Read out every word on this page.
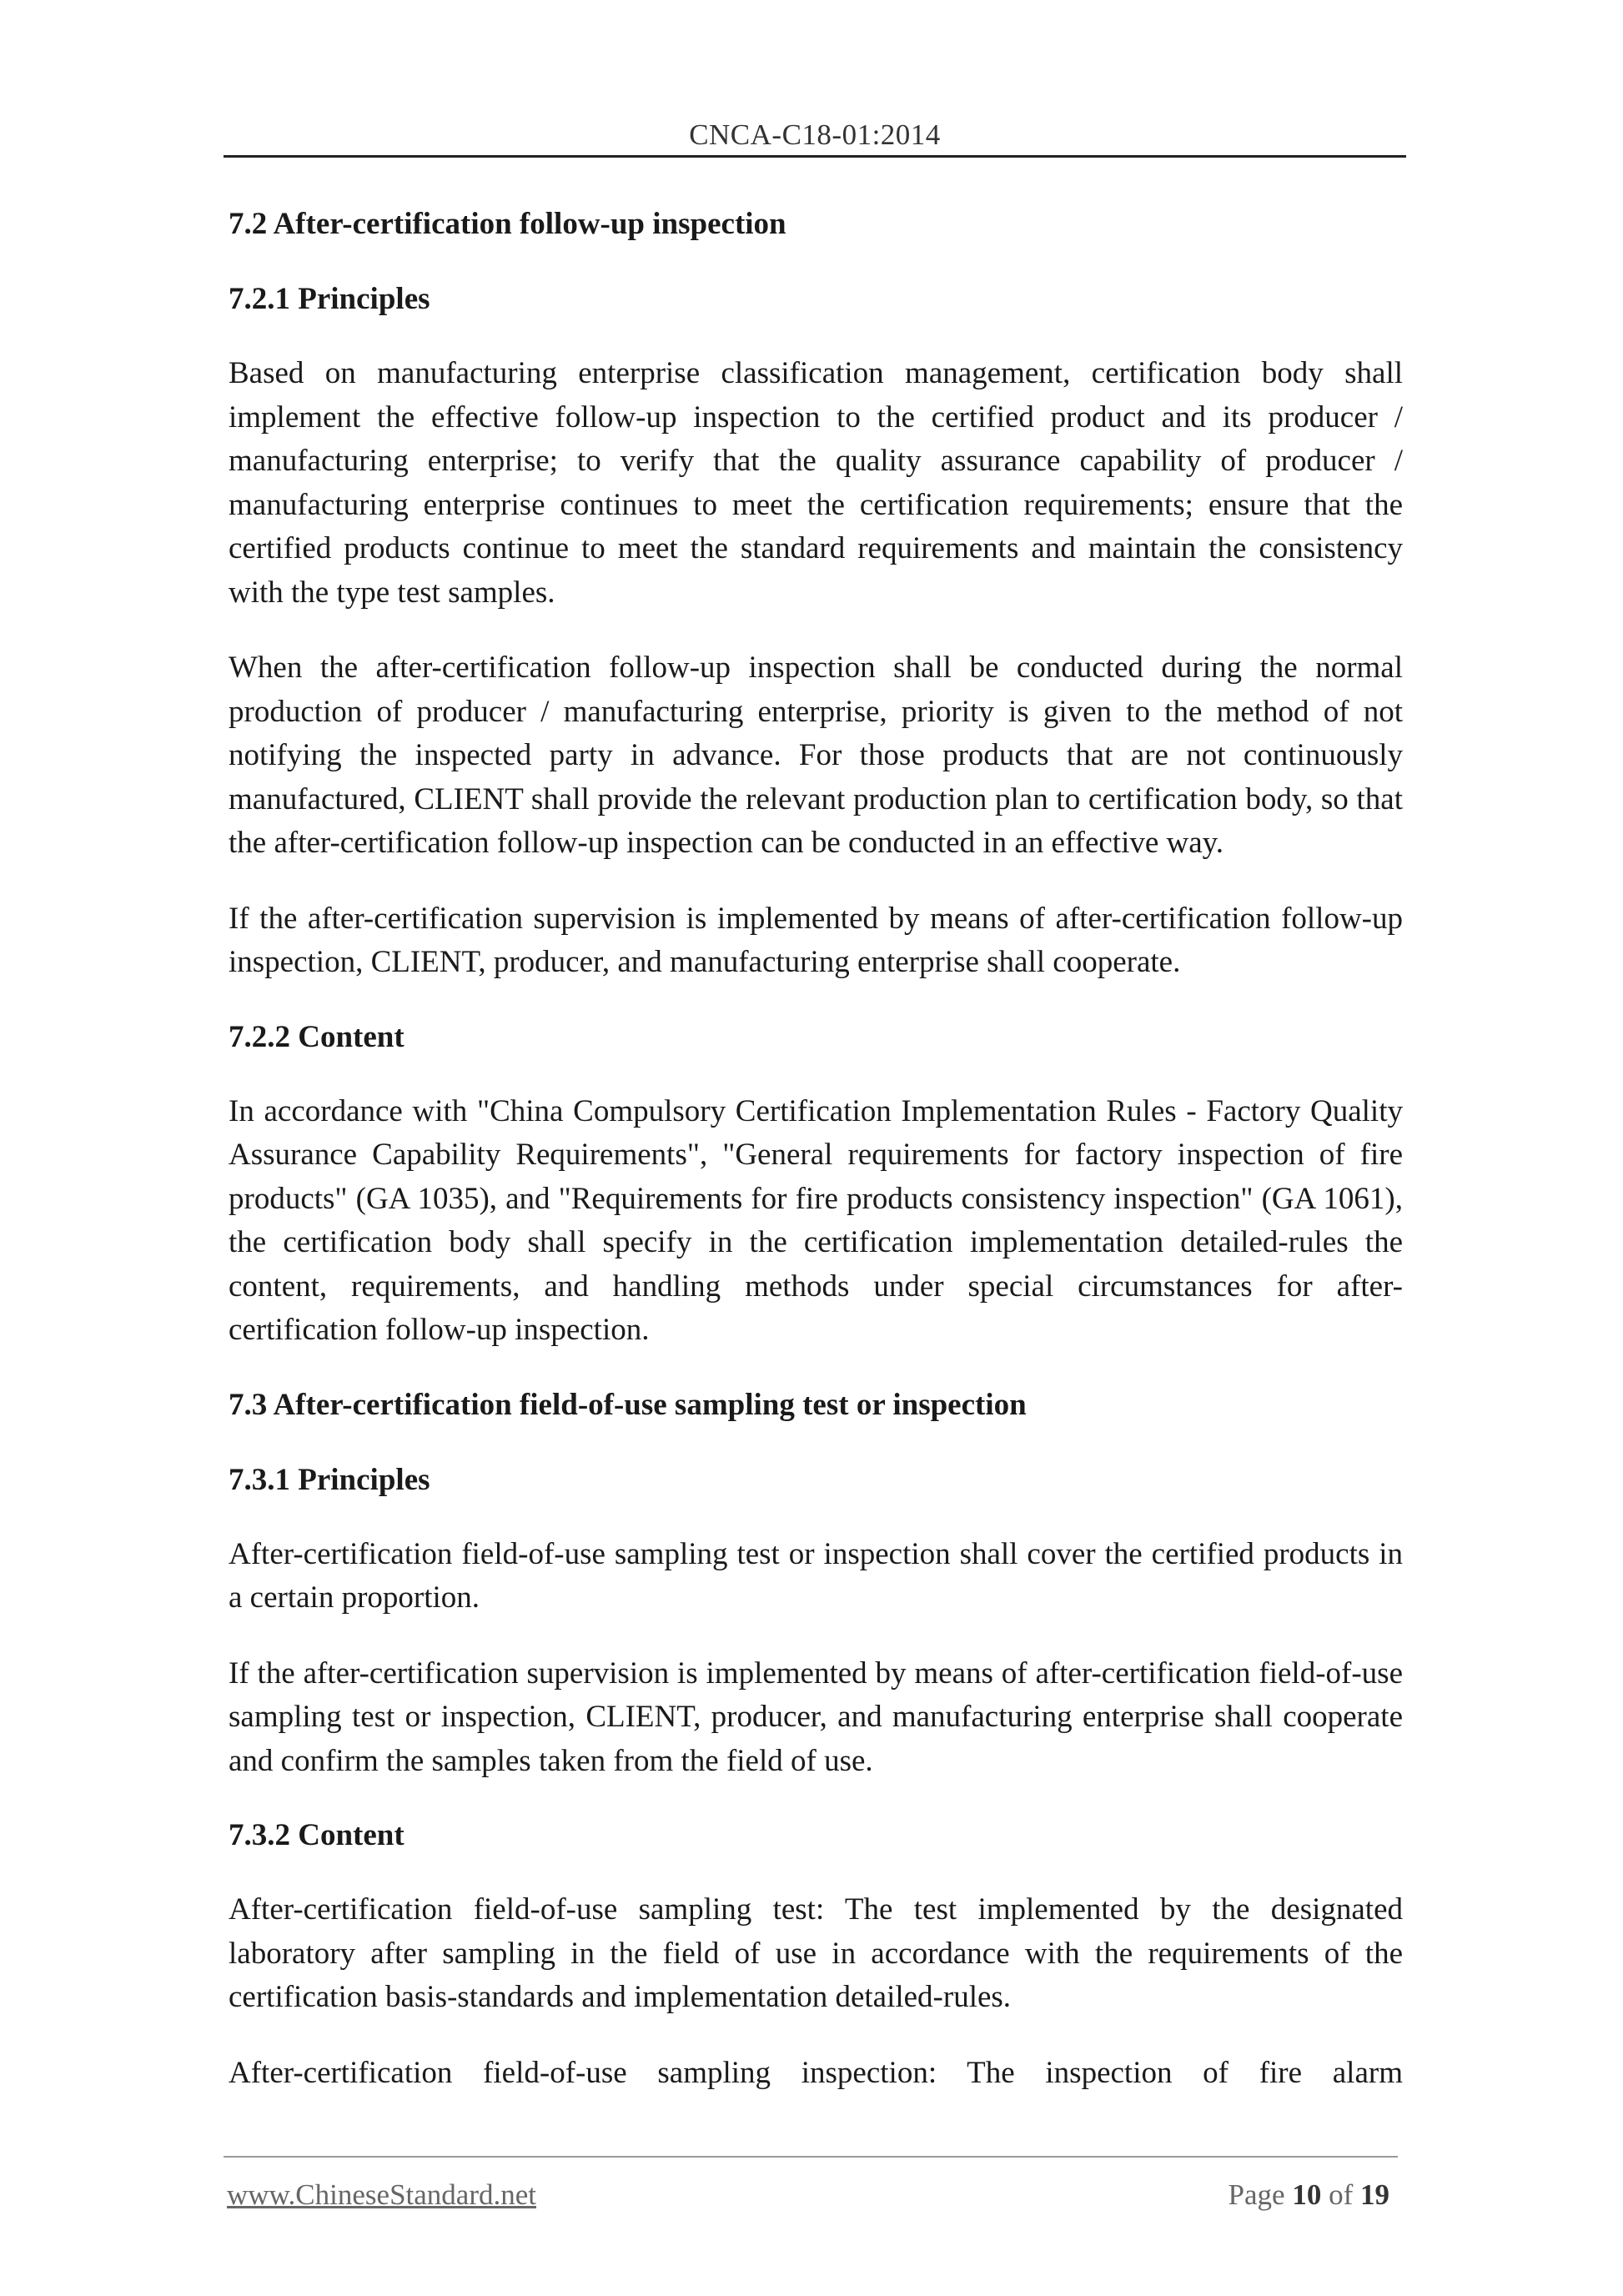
CNCA-C18-01:2014
7.2 After-certification follow-up inspection
7.2.1 Principles

Based on manufacturing enterprise classification management, certification body shall implement the effective follow-up inspection to the certified product and its producer / manufacturing enterprise; to verify that the quality assurance capability of producer / manufacturing enterprise continues to meet the certification requirements; ensure that the certified products continue to meet the standard requirements and maintain the consistency with the type test samples.

When the after-certification follow-up inspection shall be conducted during the normal production of producer / manufacturing enterprise, priority is given to the method of not notifying the inspected party in advance. For those products that are not continuously manufactured, CLIENT shall provide the relevant production plan to certification body, so that the after-certification follow-up inspection can be conducted in an effective way.

If the after-certification supervision is implemented by means of after-certification follow-up inspection, CLIENT, producer, and manufacturing enterprise shall cooperate.

7.2.2 Content

In accordance with "China Compulsory Certification Implementation Rules - Factory Quality Assurance Capability Requirements", "General requirements for factory inspection of fire products" (GA 1035), and "Requirements for fire products consistency inspection" (GA 1061), the certification body shall specify in the certification implementation detailed-rules the content, requirements, and handling methods under special circumstances for after-certification follow-up inspection.

7.3 After-certification field-of-use sampling test or inspection
7.3.1 Principles

After-certification field-of-use sampling test or inspection shall cover the certified products in a certain proportion.

If the after-certification supervision is implemented by means of after-certification field-of-use sampling test or inspection, CLIENT, producer, and manufacturing enterprise shall cooperate and confirm the samples taken from the field of use.

7.3.2 Content

After-certification field-of-use sampling test: The test implemented by the designated laboratory after sampling in the field of use in accordance with the requirements of the certification basis-standards and implementation detailed-rules.

After-certification field-of-use sampling inspection: The inspection of fire alarm

www.ChineseStandard.net	Page 10 of 19
